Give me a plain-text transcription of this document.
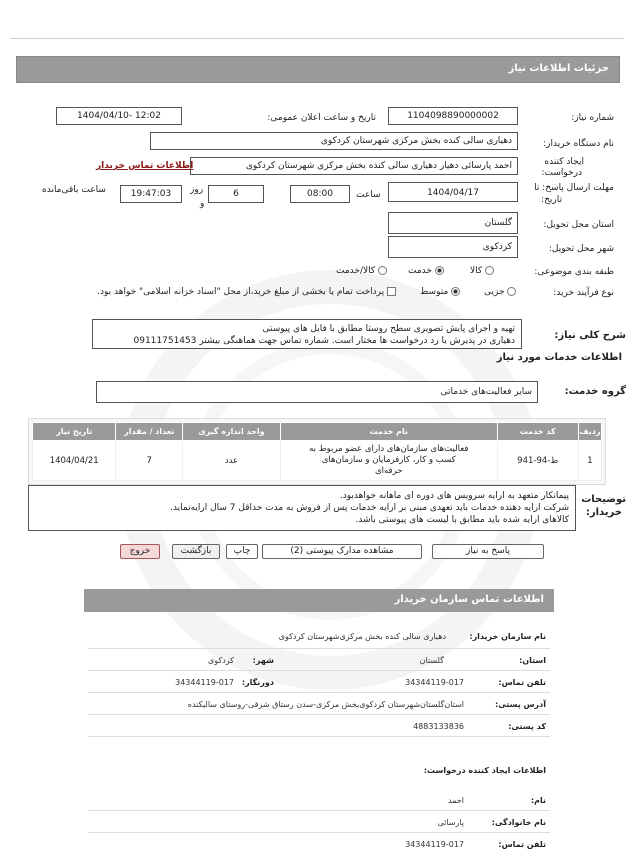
جزئیات اطلاعات نیاز
شماره نیاز:
1104098890000002
تاریخ و ساعت اعلان عمومی:
1404/04/10- 12:02
نام دستگاه خریدار:
دهیاری سالی کنده بخش مرکزی شهرستان کردکوی
ایجاد کننده
درخواست:
احمد پارسائی دهیار دهیاری سالی کنده بخش مرکزی شهرستان کردکوی
اطلاعات تماس خریدار
مهلت ارسال پاسخ: تا
تاریخ:
1404/04/17
ساعت
08:00
6
روز
و
19:47:03
ساعت باقی‌مانده
استان محل تحویل:
گلستان
شهر محل تحویل:
کردکوی
طبقه بندی موضوعی:
کالا
خدمت
کالا/خدمت
نوع فرآیند خرید:
جزیی
متوسط
پرداخت تمام یا بخشی از مبلغ خرید،از محل "اسناد خزانه اسلامی" خواهد بود.
شرح کلی نیاز:
تهیه و اجرای پایش تصویری سطح روستا مطابق با فایل های پیوستی
دهیاری در پذیرش یا رد درخواست ها مختار است. شماره تماس جهت هماهنگی بیشتر 09111751453
اطلاعات خدمات مورد نیاز
گروه خدمت:
سایر فعالیت‌های خدماتی
ردیف	کد خدمت	نام خدمت	واحد اندازه گیری	تعداد / مقدار	تاریخ نیاز
1	ط-94-941	فعالیت‌های سازمان‌های دارای عضو مربوط به
کسب و کار، کارفرمایان و سازمان‌های
حرفه‌ای	عدد	7	1404/04/21
توضیحات
خریدار:
پیمانکار متعهد به ارایه سرویس های دوره ای ماهانه خواهدبود.
شرکت ارایه دهنده خدمات باید تعهدی مبنی بر ارایه خدمات پس از فروش به مدت حداقل 7 سال ارایه‌نماید.
کالاهای ارایه شده باید مطابق با لیست های پیوستی باشد.
پاسخ به نیاز
مشاهده مدارک پیوستی (2)
چاپ
بازگشت
خروج
اطلاعات تماس سازمان خریدار
نام سازمان خریدار:
دهیاری سالی کنده بخش مرکزی‌شهرستان کردکوی
استان:
گلستان
شهر:
کردکوی
تلفن تماس:
34344119-017
دورنگار:
34344119-017
آدرس پستی:
استان‌گلستان‌شهرستان کردکوی‌بخش مرکزی-سدن رستاق شرقی-روستای سالیکنده
کد پستی:
4883133836
اطلاعات ایجاد کننده درخواست:
نام:
احمد
نام خانوادگی:
پارسائی
تلفن تماس:
34344119-017
